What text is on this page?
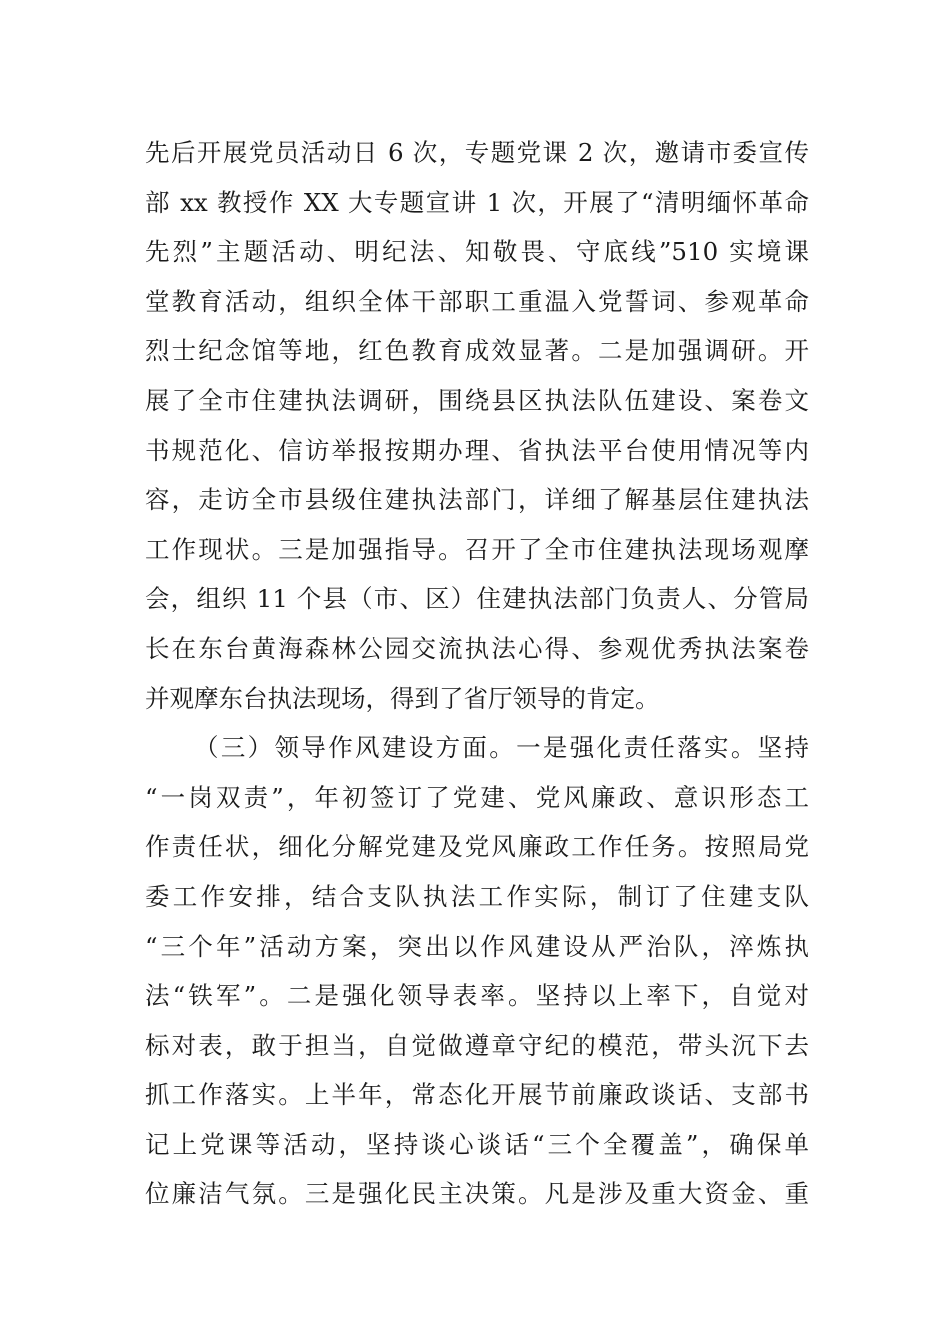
先后开展党员活动日 6 次，专题党课 2 次，邀请市委宣传
部 xx 教授作 XX 大专题宣讲 1 次，开展了“清明缅怀革命
先烈”主题活动、明纪法、知敬畏、守底线”510 实境课
堂教育活动，组织全体干部职工重温入党誓词、参观革命
烈士纪念馆等地，红色教育成效显著。二是加强调研。开
展了全市住建执法调研，围绕县区执法队伍建设、案卷文
书规范化、信访举报按期办理、省执法平台使用情况等内
容，走访全市县级住建执法部门，详细了解基层住建执法
工作现状。三是加强指导。召开了全市住建执法现场观摩
会，组织 11 个县（市、区）住建执法部门负责人、分管局
长在东台黄海森林公园交流执法心得、参观优秀执法案卷
并观摩东台执法现场，得到了省厅领导的肯定。
（三）领导作风建设方面。一是强化责任落实。坚持
“一岗双责”，年初签订了党建、党风廉政、意识形态工
作责任状，细化分解党建及党风廉政工作任务。按照局党
委工作安排，结合支队执法工作实际，制订了住建支队
“三个年”活动方案，突出以作风建设从严治队，淬炼执
法“铁军”。二是强化领导表率。坚持以上率下，自觉对
标对表，敢于担当，自觉做遵章守纪的模范，带头沉下去
抓工作落实。上半年，常态化开展节前廉政谈话、支部书
记上党课等活动，坚持谈心谈话“三个全覆盖”，确保单
位廉洁气氛。三是强化民主决策。凡是涉及重大资金、重
